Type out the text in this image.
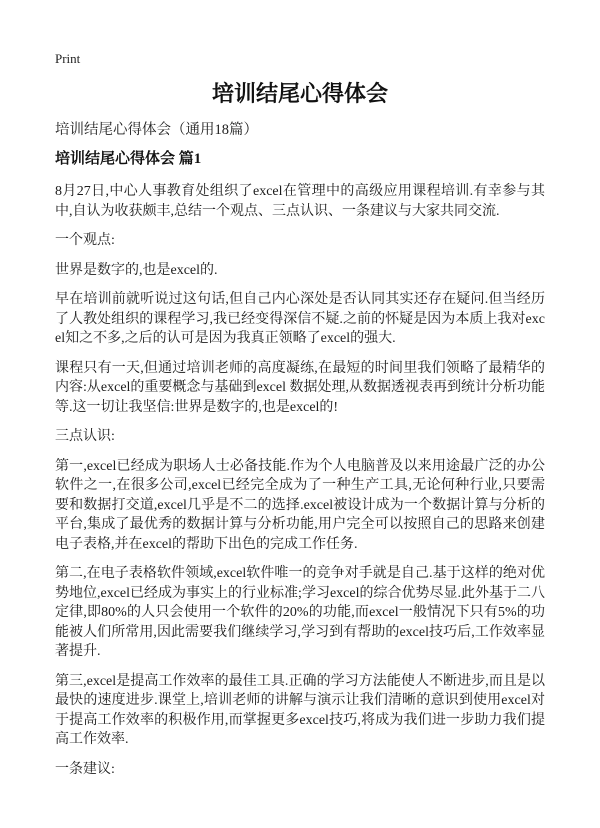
Print
培训结尾心得体会

培训结尾心得体会（通用18篇）

培训结尾心得体会 篇1

8月27日,中心人事教育处组织了excel在管理中的高级应用课程培训.有幸参与其中,自认为收获颇丰,总结一个观点、三点认识、一条建议与大家共同交流.

一个观点:

世界是数字的,也是excel的.

早在培训前就听说过这句话,但自己内心深处是否认同其实还存在疑问.但当经历了人教处组织的课程学习,我已经变得深信不疑.之前的怀疑是因为本质上我对excel知之不多,之后的认可是因为我真正领略了excel的强大.

课程只有一天,但通过培训老师的高度凝练,在最短的时间里我们领略了最精华的内容:从excel的重要概念与基础到excel 数据处理,从数据透视表再到统计分析功能等.这一切让我坚信:世界是数字的,也是excel的!

三点认识:

第一,excel已经成为职场人士必备技能.作为个人电脑普及以来用途最广泛的办公软件之一,在很多公司,excel已经完全成为了一种生产工具,无论何种行业,只要需要和数据打交道,excel几乎是不二的选择.excel被设计成为一个数据计算与分析的平台,集成了最优秀的数据计算与分析功能,用户完全可以按照自己的思路来创建电子表格,并在excel的帮助下出色的完成工作任务.

第二,在电子表格软件领域,excel软件唯一的竞争对手就是自己.基于这样的绝对优势地位,excel已经成为事实上的行业标准;学习excel的综合优势尽显.此外基于二八定律,即80%的人只会使用一个软件的20%的功能,而excel一般情况下只有5%的功能被人们所常用,因此需要我们继续学习,学习到有帮助的excel技巧后,工作效率显著提升.

第三,excel是提高工作效率的最佳工具.正确的学习方法能使人不断进步,而且是以最快的速度进步.课堂上,培训老师的讲解与演示让我们清晰的意识到使用excel对于提高工作效率的积极作用,而掌握更多excel技巧,将成为我们进一步助力我们提高工作效率.

一条建议:
